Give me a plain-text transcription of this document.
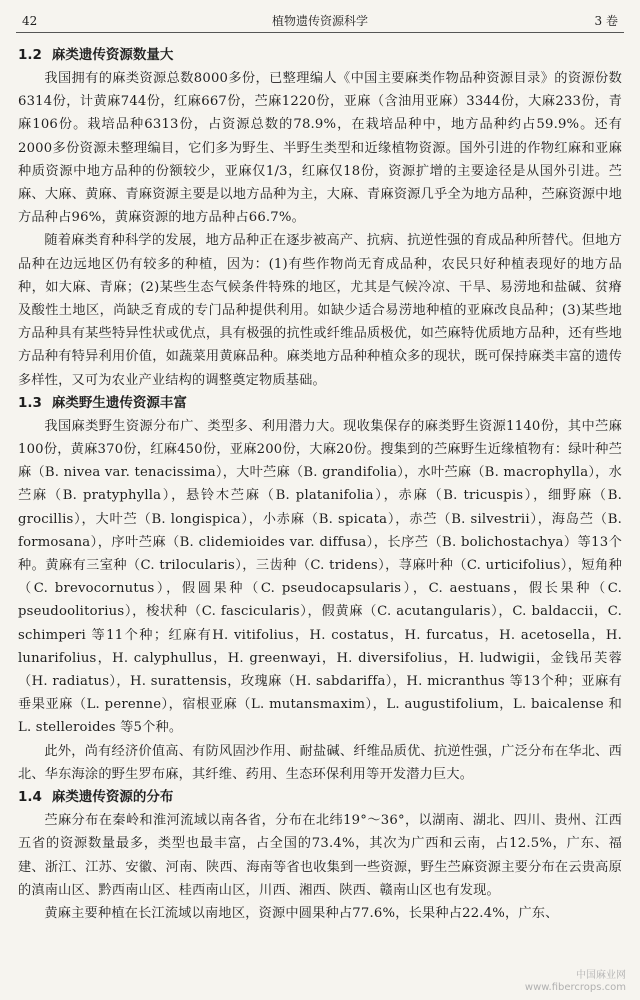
42	植物遗传资源科学	3 卷
1.2 麻类遗传资源数量大

我国拥有的麻类资源总数8000多份，已整理编人《中国主要麻类作物品种资源目录》的资源份数6314份，计黄麻744份，红麻667份，苎麻1220份，亚麻（含油用亚麻）3344份，大麻233份，青麻106份。栽培品种6313份，占资源总数的78.9%，在栽培品种中，地方品种约占59.9%。还有2000多份资源未整理编目，它们多为野生、半野生类型和近缘植物资源。国外引进的作物红麻和亚麻种质资源中地方品种的份额较少，亚麻仅1/3，红麻仅18份，资源扩增的主要途径是从国外引进。苎麻、大麻、黄麻、青麻资源主要是以地方品种为主，大麻、青麻资源几乎全为地方品种，苎麻资源中地方品种占96%，黄麻资源的地方品种占66.7%。

随着麻类育种科学的发展，地方品种正在逐步被高产、抗病、抗逆性强的育成品种所替代。但地方品种在边远地区仍有较多的种植，因为：(1)有些作物尚无育成品种，农民只好种植表现好的地方品种，如大麻、青麻；(2)某些生态气候条件特殊的地区，尤其是气候冷凉、干旱、易涝地和盐碱、贫瘠及酸性土地区，尚缺乏育成的专门品种提供利用。如缺少适合易涝地种植的亚麻改良品种；(3)某些地方品种具有某些特异性状或优点，具有极强的抗性或纤维品质极优，如苎麻特优质地方品种，还有些地方品种有特异利用价值，如蔬菜用黄麻品种。麻类地方品种种植众多的现状，既可保持麻类丰富的遗传多样性，又可为农业产业结构的调整奠定物质基础。

1.3 麻类野生遗传资源丰富

我国麻类野生资源分布广、类型多、利用潜力大。现收集保存的麻类野生资源1140份，其中苎麻100份，黄麻370份，红麻450份，亚麻200份，大麻20份。搜集到的苎麻野生近缘植物有：绿叶种苎麻（B. nivea var. tenacissima），大叶苎麻（B. grandifolia），水叶苎麻（B. macrophylla），水苎麻（B. pratyphylla），悬铃木苎麻（B. platanifolia），赤麻（B. tricuspis），细野麻（B. grocillis），大叶苎（B. longispica），小赤麻（B. spicata），赤苎（B. silvestrii），海岛苎（B. formosana），序叶苎麻（B. clidemioides var. diffusa），长序苎（B. bolichostachya）等13个种。黄麻有三室种（C. trilocularis），三齿种（C. tridens），荨麻叶种（C. urticifolius），短角种（C. brevocornutus），假圆果种（C. pseudocapsularis），C. aestuans，假长果种（C. pseudoolitorius），梭状种（C. fascicularis），假黄麻（C. acutangularis），C. baldaccii，C. schimperi 等11个种；红麻有H. vitifolius，H. costatus，H. furcatus，H. acetosella，H. lunarifolius，H. calyphullus，H. greenwayi，H. diversifolius，H. ludwigii，金钱吊芙蓉（H. radiatus），H. surattensis，玫瑰麻（H. sabdariffa），H. micranthus 等13个种；亚麻有垂果亚麻（L. perenne），宿根亚麻（L. mutansmaxim），L. augustifolium，L. baicalense 和 L. stelleroides 等5个种。

此外，尚有经济价值高、有防风固沙作用、耐盐碱、纤维品质优、抗逆性强，广泛分布在华北、西北、华东海涂的野生罗布麻，其纤维、药用、生态环保利用等开发潜力巨大。

1.4 麻类遗传资源的分布

苎麻分布在秦岭和淮河流域以南各省，分布在北纬19°～36°，以湖南、湖北、四川、贵州、江西五省的资源数量最多，类型也最丰富，占全国的73.4%，其次为广西和云南，占12.5%，广东、福建、浙江、江苏、安徽、河南、陕西、海南等省也收集到一些资源，野生苎麻资源主要分布在云贵高原的滇南山区、黔西南山区、桂西南山区，川西、湘西、陕西、赣南山区也有发现。

黄麻主要种植在长江流域以南地区，资源中圆果种占77.6%，长果种占22.4%，广东、

中国麻业网
www.fibercrops.com
